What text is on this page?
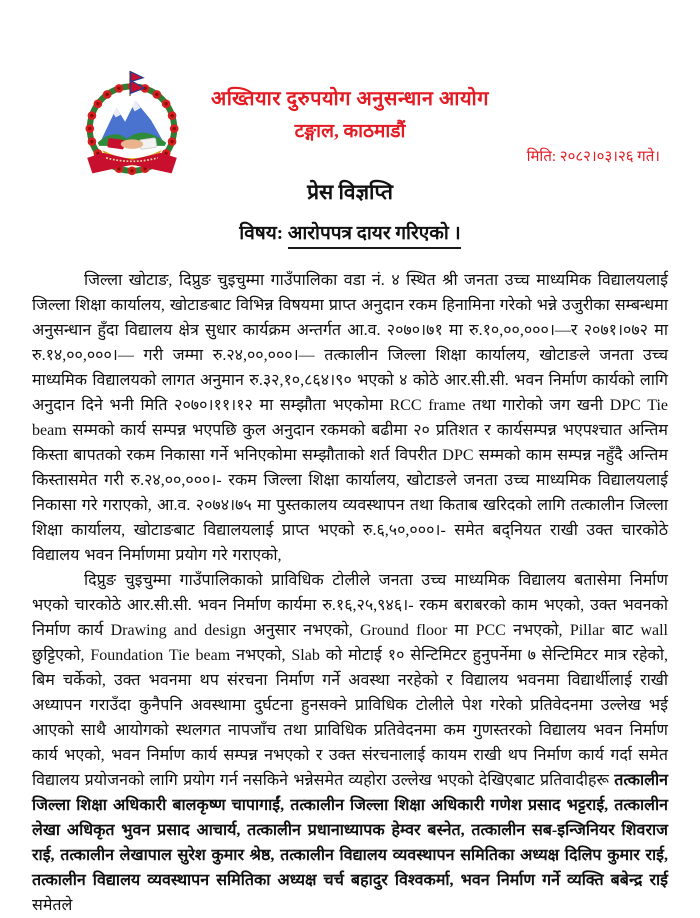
अख्तियार दुरुपयोग अनुसन्धान आयोग
टङ्गाल, काठमाडौं
मिति: २०८२।०३।२६ गते।
प्रेस विज्ञप्ति
विषय: आरोपपत्र दायर गरिएको ।

जिल्ला खोटाङ, दिप्रुङ चुइचुम्मा गाउँपालिका वडा नं. ४ स्थित श्री जनता उच्च माध्यमिक विद्यालयलाई जिल्ला शिक्षा कार्यालय, खोटाङबाट विभिन्न विषयमा प्राप्त अनुदान रकम हिनामिना गरेको भन्ने उजुरीका सम्बन्धमा अनुसन्धान हुँदा विद्यालय क्षेत्र सुधार कार्यक्रम अन्तर्गत आ.व. २०७०।७१ मा रु.१०,००,०००।—र २०७१।०७२ मा रु.१४,००,०००।— गरी जम्मा रु.२४,००,०००।— तत्कालीन जिल्ला शिक्षा कार्यालय, खोटाङले जनता उच्च माध्यमिक विद्यालयको लागत अनुमान रु.३२,१०,८६४।९० भएको ४ कोठे आर.सी.सी. भवन निर्माण कार्यको लागि अनुदान दिने भनी मिति २०७०।११।१२ मा सम्झौता भएकोमा RCC frame तथा गारोको जग खनी DPC Tie beam सम्मको कार्य सम्पन्न भएपछि कुल अनुदान रकमको बढीमा २० प्रतिशत र कार्यसम्पन्न भएपश्चात अन्तिम किस्ता बापतको रकम निकासा गर्ने भनिएकोमा सम्झौताको शर्त विपरीत DPC सम्मको काम सम्पन्न नहुँदै अन्तिम किस्तासमेत गरी रु.२४,००,०००।- रकम जिल्ला शिक्षा कार्यालय, खोटाङले जनता उच्च माध्यमिक विद्यालयलाई निकासा गरे गराएको, आ.व. २०७४।७५ मा पुस्तकालय व्यवस्थापन तथा किताब खरिदको लागि तत्कालीन जिल्ला शिक्षा कार्यालय, खोटाङबाट विद्यालयलाई प्राप्त भएको रु.६,५०,०००।- समेत बद्नियत राखी उक्त चारकोठे विद्यालय भवन निर्माणमा प्रयोग गरे गराएको,

दिप्रुङ चुइचुम्मा गाउँपालिकाको प्राविधिक टोलीले जनता उच्च माध्यमिक विद्यालय बतासेमा निर्माण भएको चारकोठे आर.सी.सी. भवन निर्माण कार्यमा रु.१६,२५,९४६।- रकम बराबरको काम भएको, उक्त भवनको निर्माण कार्य Drawing and design अनुसार नभएको, Ground floor मा PCC नभएको, Pillar बाट wall छुट्टिएको, Foundation Tie beam नभएको, Slab को मोटाई १० सेन्टिमिटर हुनुपर्नेमा ७ सेन्टिमिटर मात्र रहेको, बिम चर्केको, उक्त भवनमा थप संरचना निर्माण गर्ने अवस्था नरहेको र विद्यालय भवनमा विद्यार्थीलाई राखी अध्यापन गराउँदा कुनैपनि अवस्थामा दुर्घटना हुनसक्ने प्राविधिक टोलीले पेश गरेको प्रतिवेदनमा उल्लेख भई आएको साथै आयोगको स्थलगत नापजाँच तथा प्राविधिक प्रतिवेदनमा कम गुणस्तरको विद्यालय भवन निर्माण कार्य भएको, भवन निर्माण कार्य सम्पन्न नभएको र उक्त संरचनालाई कायम राखी थप निर्माण कार्य गर्दा समेत विद्यालय प्रयोजनको लागि प्रयोग गर्न नसकिने भन्नेसमेत व्यहोरा उल्लेख भएको देखिएबाट प्रतिवादीहरू तत्कालीन जिल्ला शिक्षा अधिकारी बालकृष्ण चापागाईं, तत्कालीन जिल्ला शिक्षा अधिकारी गणेश प्रसाद भट्टराई, तत्कालीन लेखा अधिकृत भुवन प्रसाद आचार्य, तत्कालीन प्रधानाध्यापक हेम्वर बस्नेत, तत्कालीन सब-इन्जिनियर शिवराज राई, तत्कालीन लेखापाल सुरेश कुमार श्रेष्ठ, तत्कालीन विद्यालय व्यवस्थापन समितिका अध्यक्ष दिलिप कुमार राई, तत्कालीन विद्यालय व्यवस्थापन समितिका अध्यक्ष चर्च बहादुर विश्वकर्मा, भवन निर्माण गर्ने व्यक्ति बबेन्द्र राई समेतले
